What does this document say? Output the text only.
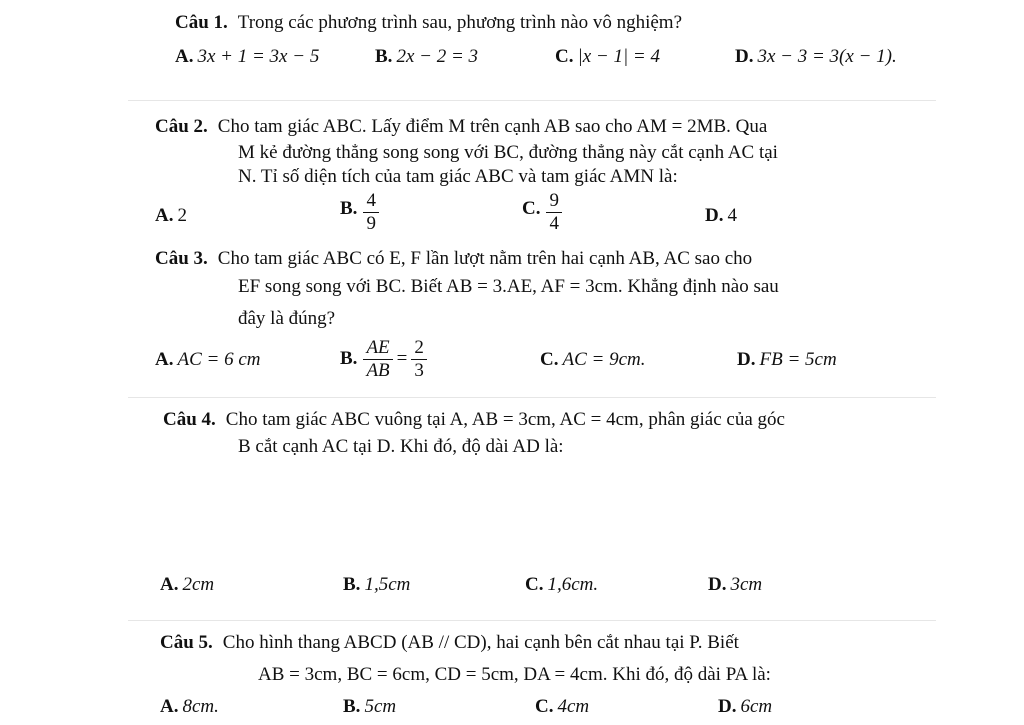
Câu 1. Trong các phương trình sau, phương trình nào vô nghiệm?
A. 3x + 1 = 3x − 5	B. 2x − 2 = 3	C. |x − 1| = 4	D. 3x − 3 = 3(x − 1).
Câu 2. Cho tam giác ABC. Lấy điểm M trên cạnh AB sao cho AM = 2MB. Qua
M kẻ đường thẳng song song với BC, đường thẳng này cắt cạnh AC tại
N. Tỉ số diện tích của tam giác ABC và tam giác AMN là:
A. 2	B. $\frac{4}{9}$	C. $\frac{9}{4}$	D. 4
Câu 3. Cho tam giác ABC có E, F lần lượt nằm trên hai cạnh AB, AC sao cho
EF song song với BC. Biết AB = 3.AE, AF = 3cm. Khẳng định nào sau
đây là đúng?
A. AC = 6 cm	B. $\frac{AE}{AB} = \frac{2}{3}$	C. AC = 9cm.	D. FB = 5cm
Câu 4. Cho tam giác ABC vuông tại A, AB = 3cm, AC = 4cm, phân giác của góc
B cắt cạnh AC tại D. Khi đó, độ dài AD là:
A. 2cm	B. 1,5cm	C. 1,6cm.	D. 3cm
Câu 5. Cho hình thang ABCD (AB // CD), hai cạnh bên cắt nhau tại P. Biết
AB = 3cm, BC = 6cm, CD = 5cm, DA = 4cm. Khi đó, độ dài PA là:
A. 8cm.	B. 5cm	C. 4cm	D. 6cm
